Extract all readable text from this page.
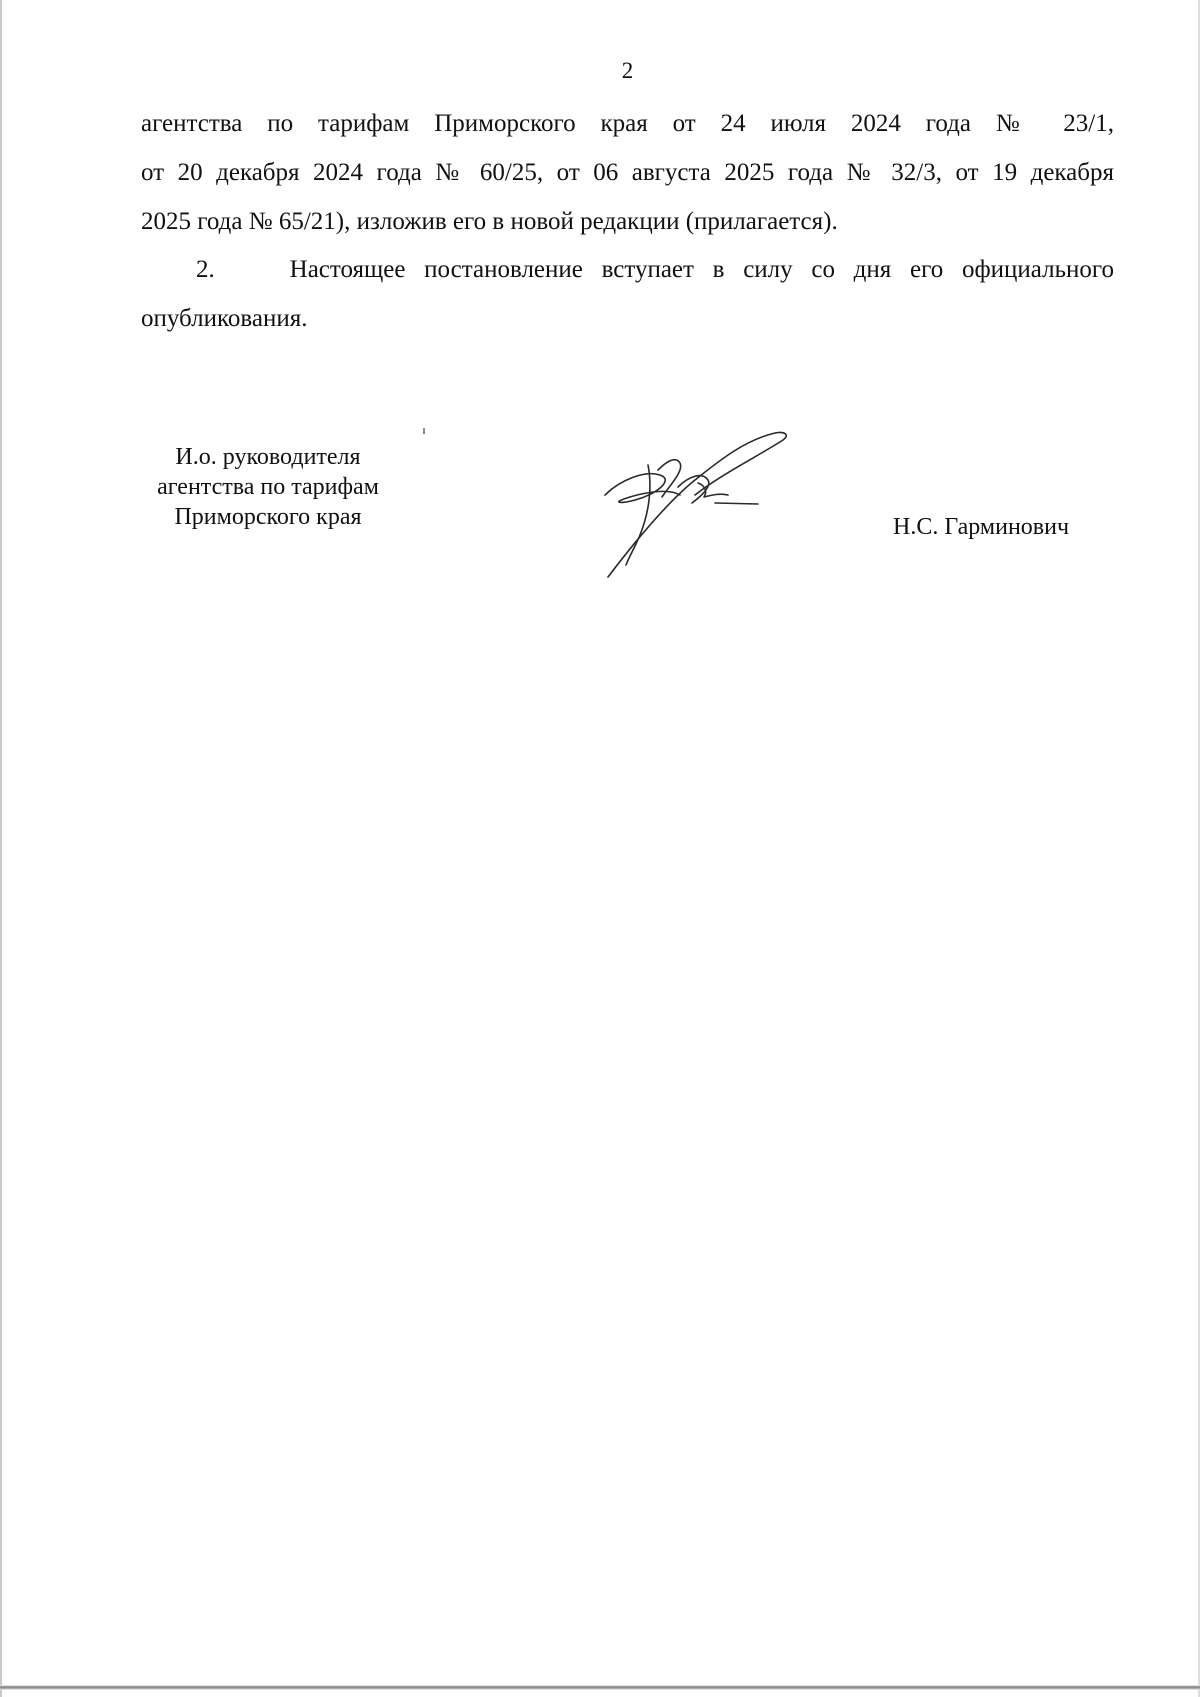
2
агентства по тарифам Приморского края от 24 июля 2024 года № 23/1,
от 20 декабря 2024 года № 60/25, от 06 августа 2025 года № 32/3, от 19 декабря
2025 года № 65/21), изложив его в новой редакции (прилагается).
2.    Настоящее постановление вступает в силу со дня его официального
опубликования.
И.о. руководителя
агентства по тарифам
Приморского края	Н.С. Гарминович
